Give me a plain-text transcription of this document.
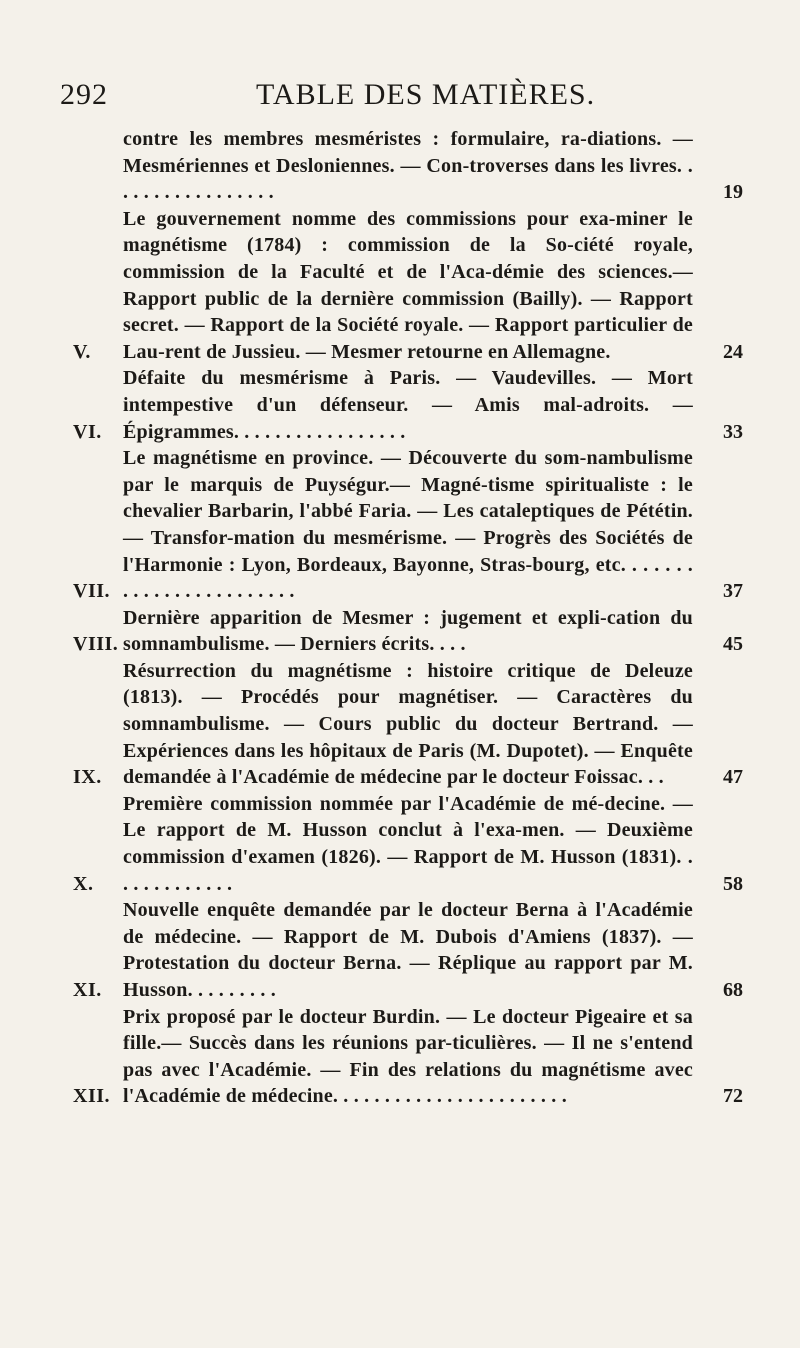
292	TABLE DES MATIÈRES.
contre les membres mesméristes : formulaire, ra-diations. — Mesmériennes et Desloniennes. — Con-troverses dans les livres. . . . . . . . . . . . . . . . .	19
V.
Le gouvernement nomme des commissions pour exa-miner le magnétisme (1784) : commission de la So-ciété royale, commission de la Faculté et de l'Aca-démie des sciences.— Rapport public de la dernière commission (Bailly). — Rapport secret. — Rapport de la Société royale. — Rapport particulier de Lau-rent de Jussieu. — Mesmer retourne en Allemagne.	24
VI.
Défaite du mesmérisme à Paris. — Vaudevilles. — Mort intempestive d'un défenseur. — Amis mal-adroits. — Épigrammes. . . . . . . . . . . . . . . . .	33
VII.
Le magnétisme en province. — Découverte du som-nambulisme par le marquis de Puységur.— Magné-tisme spiritualiste : le chevalier Barbarin, l'abbé Faria. — Les cataleptiques de Pététin. — Transfor-mation du mesmérisme. — Progrès des Sociétés de l'Harmonie : Lyon, Bordeaux, Bayonne, Stras-bourg, etc. . . . . . . . . . . . . . . . . . . . . . . .	37
VIII.
Dernière apparition de Mesmer : jugement et expli-cation du somnambulisme. — Derniers écrits. . . .	45
IX.
Résurrection du magnétisme : histoire critique de Deleuze (1813). — Procédés pour magnétiser. — Caractères du somnambulisme. — Cours public du docteur Bertrand. — Expériences dans les hôpitaux de Paris (M. Dupotet). — Enquête demandée à l'Académie de médecine par le docteur Foissac. . .	47
X.
Première commission nommée par l'Académie de mé-decine. — Le rapport de M. Husson conclut à l'exa-men. — Deuxième commission d'examen (1826). — Rapport de M. Husson (1831). . . . . . . . . . . . .	58
XI.
Nouvelle enquête demandée par le docteur Berna à l'Académie de médecine. — Rapport de M. Dubois d'Amiens (1837). — Protestation du docteur Berna. — Réplique au rapport par M. Husson. . . . . . . . .	68
XII.
Prix proposé par le docteur Burdin. — Le docteur Pigeaire et sa fille.— Succès dans les réunions par-ticulières. — Il ne s'entend pas avec l'Académie. — Fin des relations du magnétisme avec l'Académie de médecine. . . . . . . . . . . . . . . . . . . . . . .	72
